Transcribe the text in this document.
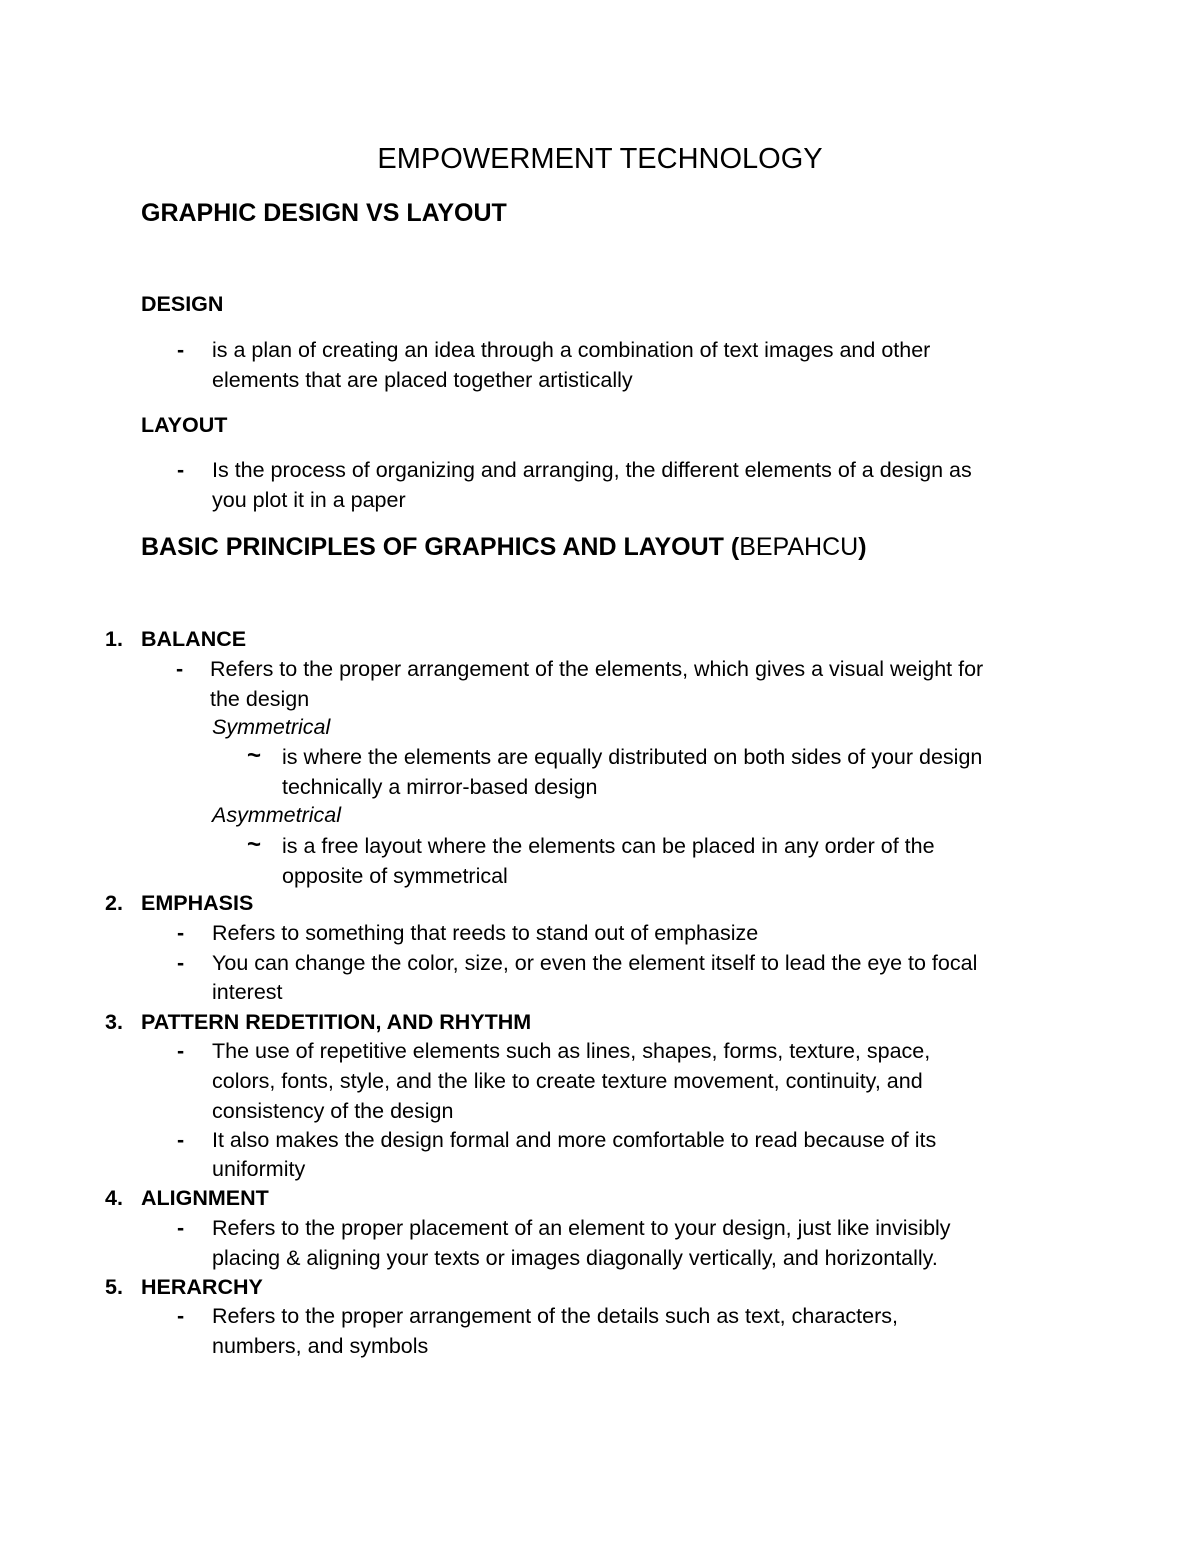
EMPOWERMENT TECHNOLOGY
GRAPHIC DESIGN VS LAYOUT
DESIGN
- is a plan of creating an idea through a combination of text images and other
elements that are placed together artistically
LAYOUT
- Is the process of organizing and arranging, the different elements of a design as
you plot it in a paper
BASIC PRINCIPLES OF GRAPHICS AND LAYOUT (BEPAHCU)
1. BALANCE
- Refers to the proper arrangement of the elements, which gives a visual weight for
the design
Symmetrical
~ is where the elements are equally distributed on both sides of your design
technically a mirror-based design
Asymmetrical
~ is a free layout where the elements can be placed in any order of the
opposite of symmetrical
2. EMPHASIS
- Refers to something that reeds to stand out of emphasize
- You can change the color, size, or even the element itself to lead the eye to focal
interest
3. PATTERN REDETITION, AND RHYTHM
- The use of repetitive elements such as lines, shapes, forms, texture, space,
colors, fonts, style, and the like to create texture movement, continuity, and
consistency of the design
- It also makes the design formal and more comfortable to read because of its
uniformity
4. ALIGNMENT
- Refers to the proper placement of an element to your design, just like invisibly
placing & aligning your texts or images diagonally vertically, and horizontally.
5. HERARCHY
- Refers to the proper arrangement of the details such as text, characters,
numbers, and symbols
